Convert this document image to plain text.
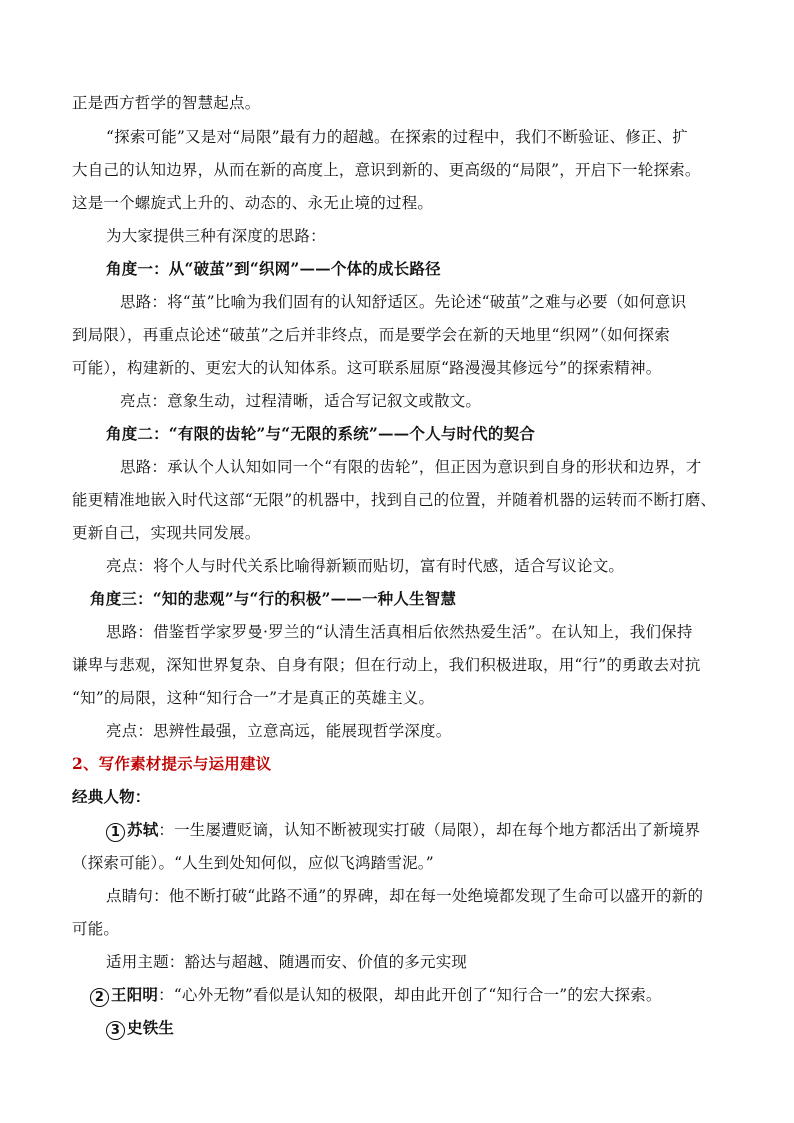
正是西方哲学的智慧起点。
“探索可能”又是对“局限”最有力的超越。在探索的过程中，我们不断验证、修正、扩
大自己的认知边界，从而在新的高度上，意识到新的、更高级的“局限”，开启下一轮探索。
这是一个螺旋式上升的、动态的、永无止境的过程。
为大家提供三种有深度的思路：
角度一：从“破茧”到“织网”——个体的成长路径
思路：将“茧”比喻为我们固有的认知舒适区。先论述“破茧”之难与必要（如何意识
到局限），再重点论述“破茧”之后并非终点，而是要学会在新的天地里“织网”（如何探索
可能），构建新的、更宏大的认知体系。这可联系屈原“路漫漫其修远兮”的探索精神。
亮点：意象生动，过程清晰，适合写记叙文或散文。
角度二：“有限的齿轮”与“无限的系统”——个人与时代的契合
思路：承认个人认知如同一个“有限的齿轮”，但正因为意识到自身的形状和边界，才
能更精准地嵌入时代这部“无限”的机器中，找到自己的位置，并随着机器的运转而不断打磨、
更新自己，实现共同发展。
亮点：将个人与时代关系比喻得新颖而贴切，富有时代感，适合写议论文。
角度三：“知的悲观”与“行的积极”——一种人生智慧
思路：借鉴哲学家罗曼·罗兰的“认清生活真相后依然热爱生活”。在认知上，我们保持
谦卑与悲观，深知世界复杂、自身有限；但在行动上，我们积极进取，用“行”的勇敢去对抗
“知”的局限，这种“知行合一”才是真正的英雄主义。
亮点：思辨性最强，立意高远，能展现哲学深度。
2、写作素材提示与运用建议
经典人物：
1 苏轼：一生屡遭贬谪，认知不断被现实打破（局限），却在每个地方都活出了新境界
（探索可能）。“人生到处知何似，应似飞鸿踏雪泥。”
点睛句：他不断打破“此路不通”的界碑，却在每一处绝境都发现了生命可以盛开的新的
可能。
适用主题：豁达与超越、随遇而安、价值的多元实现
2 王阳明：“心外无物”看似是认知的极限，却由此开创了“知行合一”的宏大探索。
3 史铁生
